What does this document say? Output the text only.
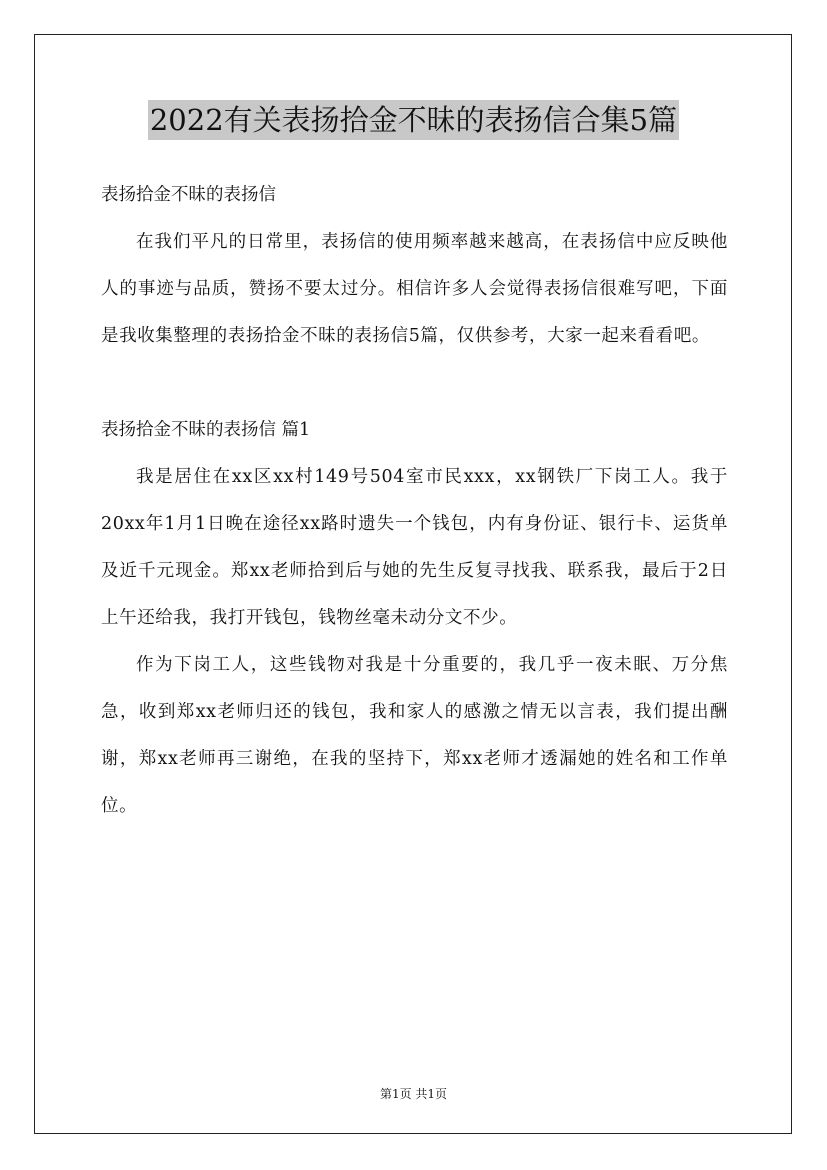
2022有关表扬拾金不昧的表扬信合集5篇

表扬拾金不昧的表扬信

在我们平凡的日常里，表扬信的使用频率越来越高，在表扬信中应反映他人的事迹与品质，赞扬不要太过分。相信许多人会觉得表扬信很难写吧，下面是我收集整理的表扬拾金不昧的表扬信5篇，仅供参考，大家一起来看看吧。

表扬拾金不昧的表扬信 篇1

我是居住在xx区xx村149号504室市民xxx，xx钢铁厂下岗工人。我于20xx年1月1日晚在途径xx路时遗失一个钱包，内有身份证、银行卡、运货单及近千元现金。郑xx老师拾到后与她的先生反复寻找我、联系我，最后于2日上午还给我，我打开钱包，钱物丝毫未动分文不少。

作为下岗工人，这些钱物对我是十分重要的，我几乎一夜未眠、万分焦急，收到郑xx老师归还的钱包，我和家人的感激之情无以言表，我们提出酬谢，郑xx老师再三谢绝，在我的坚持下，郑xx老师才透漏她的姓名和工作单位。

第1页 共1页
